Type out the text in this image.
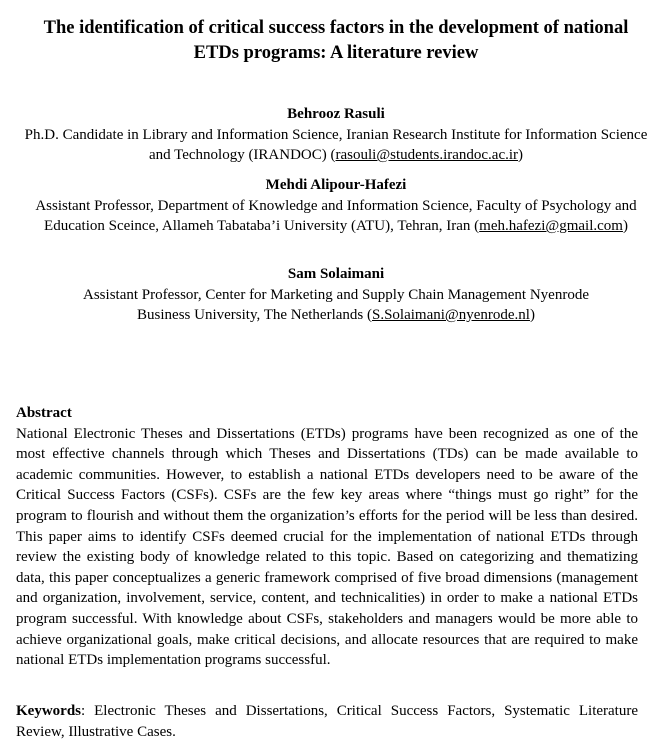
The identification of critical success factors in the development of national ETDs programs: A literature review

Behrooz Rasuli

Ph.D. Candidate in Library and Information Science, Iranian Research Institute for Information Science and Technology (IRANDOC) (rasouli@students.irandoc.ac.ir)

Mehdi Alipour-Hafezi

Assistant Professor, Department of Knowledge and Information Science, Faculty of Psychology and Education Sceince, Allameh Tabataba’i University (ATU), Tehran, Iran (meh.hafezi@gmail.com)

Sam Solaimani

Assistant Professor, Center for Marketing and Supply Chain Management Nyenrode Business University, The Netherlands (S.Solaimani@nyenrode.nl)

Abstract

National Electronic Theses and Dissertations (ETDs) programs have been recognized as one of the most effective channels through which Theses and Dissertations (TDs) can be made available to academic communities. However, to establish a national ETDs developers need to be aware of the Critical Success Factors (CSFs). CSFs are the few key areas where “things must go right” for the program to flourish and without them the organization’s efforts for the period will be less than desired. This paper aims to identify CSFs deemed crucial for the implementation of national ETDs through review the existing body of knowledge related to this topic. Based on categorizing and thematizing data, this paper conceptualizes a generic framework comprised of five broad dimensions (management and organization, involvement, service, content, and technicalities) in order to make a national ETDs program successful. With knowledge about CSFs, stakeholders and managers would be more able to achieve organizational goals, make critical decisions, and allocate resources that are required to make national ETDs implementation programs successful.

Keywords: Electronic Theses and Dissertations, Critical Success Factors, Systematic Literature Review, Illustrative Cases.
